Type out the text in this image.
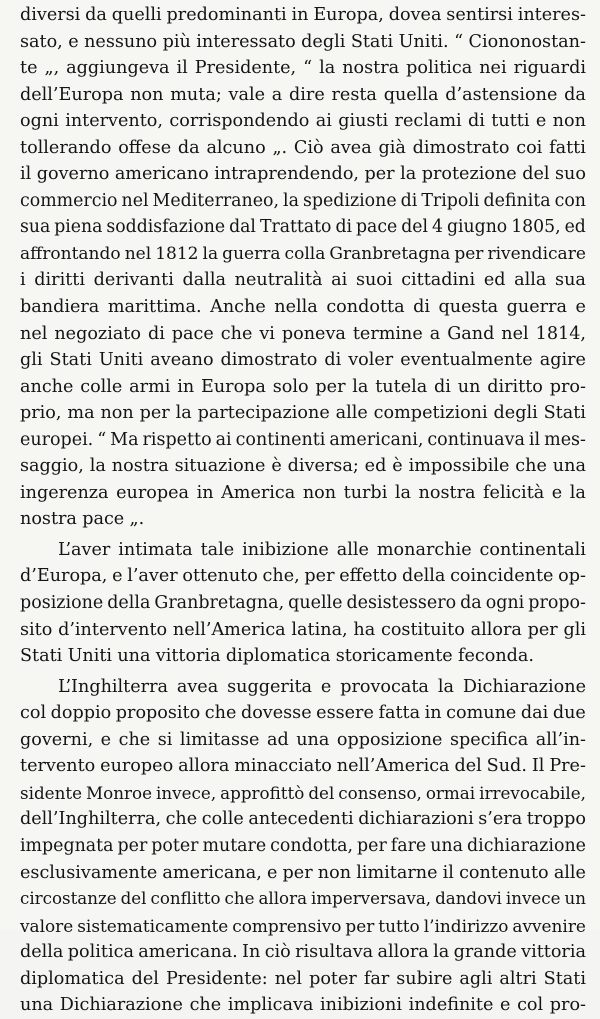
diversi da quelli predominanti in Europa, dovea sentirsi interes-
sato, e nessuno più interessato degli Stati Uniti. “ Ciononostan-
te „, aggiungeva il Presidente, “ la nostra politica nei riguardi
dell’Europa non muta; vale a dire resta quella d’astensione da
ogni intervento, corrispondendo ai giusti reclami di tutti e non
tollerando offese da alcuno „. Ciò avea già dimostrato coi fatti
il governo americano intraprendendo, per la protezione del suo
commercio nel Mediterraneo, la spedizione di Tripoli definita con
sua piena soddisfazione dal Trattato di pace del 4 giugno 1805, ed
affrontando nel 1812 la guerra colla Granbretagna per rivendicare
i diritti derivanti dalla neutralità ai suoi cittadini ed alla sua
bandiera marittima. Anche nella condotta di questa guerra e
nel negoziato di pace che vi poneva termine a Gand nel 1814,
gli Stati Uniti aveano dimostrato di voler eventualmente agire
anche colle armi in Europa solo per la tutela di un diritto pro-
prio, ma non per la partecipazione alle competizioni degli Stati
europei. “ Ma rispetto ai continenti americani, continuava il mes-
saggio, la nostra situazione è diversa; ed è impossibile che una
ingerenza europea in America non turbi la nostra felicità e la
nostra pace „.
L’aver intimata tale inibizione alle monarchie continentali
d’Europa, e l’aver ottenuto che, per effetto della coincidente op-
posizione della Granbretagna, quelle desistessero da ogni propo-
sito d’intervento nell’America latina, ha costituito allora per gli
Stati Uniti una vittoria diplomatica storicamente feconda.
L’Inghilterra avea suggerita e provocata la Dichiarazione
col doppio proposito che dovesse essere fatta in comune dai due
governi, e che si limitasse ad una opposizione specifica all’in-
tervento europeo allora minacciato nell’America del Sud. Il Pre-
sidente Monroe invece, approfittò del consenso, ormai irrevocabile,
dell’Inghilterra, che colle antecedenti dichiarazioni s’era troppo
impegnata per poter mutare condotta, per fare una dichiarazione
esclusivamente americana, e per non limitarne il contenuto alle
circostanze del conflitto che allora imperversava, dandovi invece un
valore sistematicamente comprensivo per tutto l’indirizzo avvenire
della politica americana. In ciò risultava allora la grande vittoria
diplomatica del Presidente: nel poter far subire agli altri Stati
una Dichiarazione che implicava inibizioni indefinite e col pro-
